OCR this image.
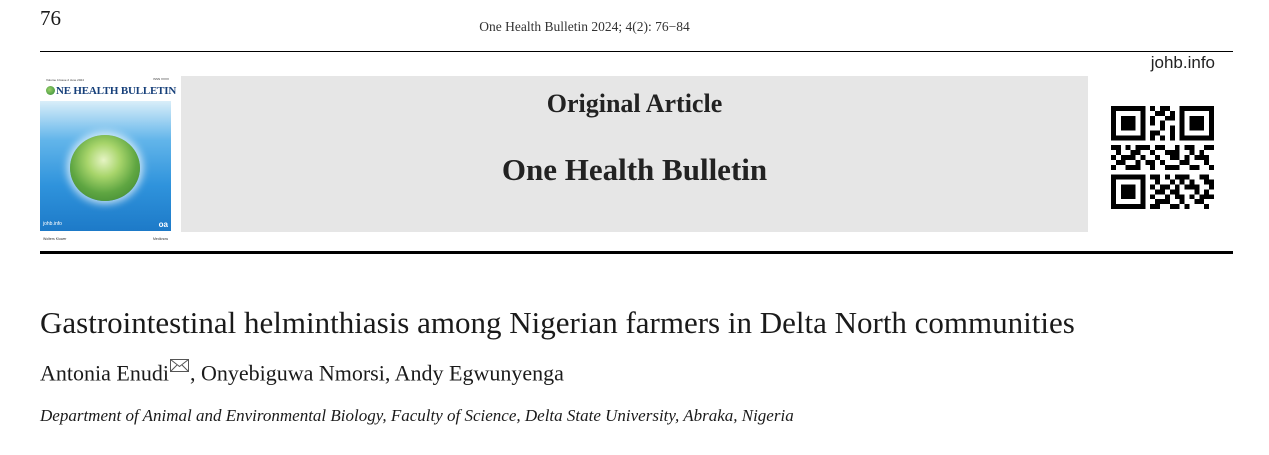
76	One Health Bulletin 2024; 4(2): 76−84
johb.info
Volume 4 Issue 2 June 2024	ISSN XXXX
NE HEALTH BULLETIN
johb.info	oa
Wolters Kluwer	Medknow
Original Article
One Health Bulletin
Gastrointestinal helminthiasis among Nigerian farmers in Delta North communities
Antonia Enudi , Onyebiguwa Nmorsi, Andy Egwunyenga
Department of Animal and Environmental Biology, Faculty of Science, Delta State University, Abraka, Nigeria
